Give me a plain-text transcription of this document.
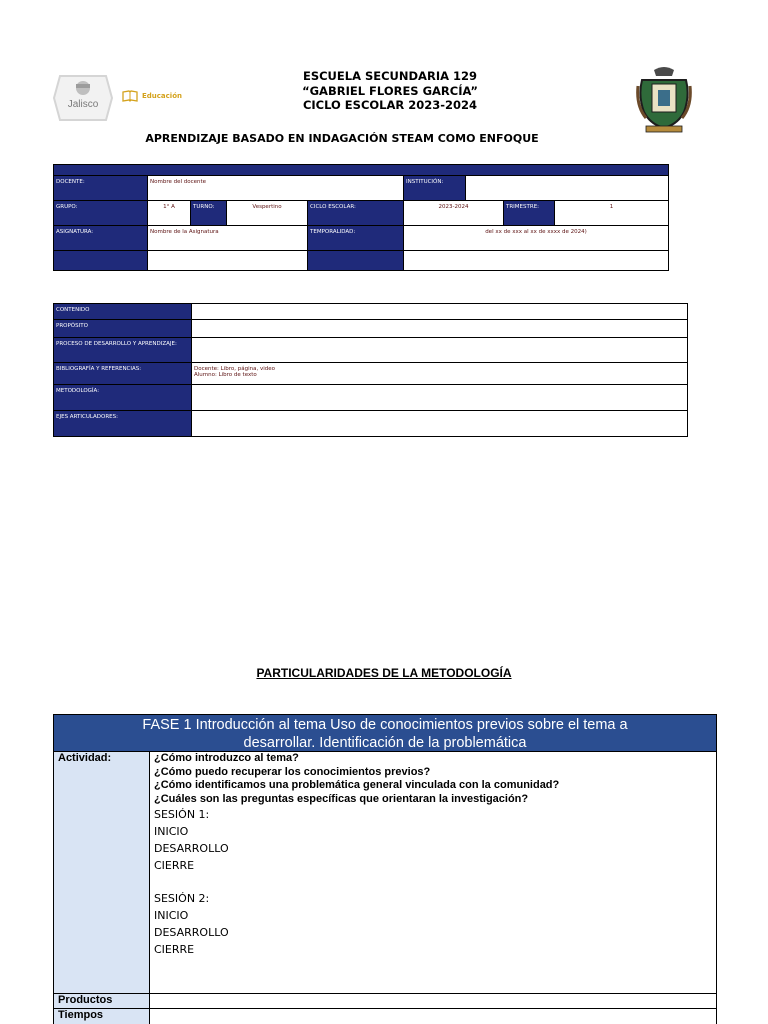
Jalisco
Educación
ESCUELA SECUNDARIA 129
“GABRIEL FLORES GARCÍA”
CICLO ESCOLAR 2023-2024
APRENDIZAJE BASADO EN INDAGACIÓN STEAM COMO ENFOQUE
DOCENTE:	Nombre del docente	INSTITUCIÓN:
GRUPO:	1° A	TURNO:	Vespertino	CICLO ESCOLAR:	2023-2024	TRIMESTRE:	1
ASIGNATURA:	Nombre de la Asignatura	TEMPORALIDAD:	del xx de xxx al xx de xxxx de 2024)
CONTENIDO
PROPÓSITO
PROCESO DE DESARROLLO Y APRENDIZAJE:
BIBLIOGRAFÍA Y REFERENCIAS:	Docente: Libro, página, video
Alumno: Libro de texto
METODOLOGÍA:
EJES ARTICULADORES:
PARTICULARIDADES DE LA METODOLOGÍA
FASE 1 Introducción al tema Uso de conocimientos previos sobre el tema a
desarrollar. Identificación de la problemática
Actividad:	¿Cómo introduzco al tema?
¿Cómo puedo recuperar los conocimientos previos?
¿Cómo identificamos una problemática general vinculada con la comunidad?
¿Cuáles son las preguntas específicas que orientaran la investigación?
SESIÓN 1:
INICIO
DESARROLLO
CIERRE
SESIÓN 2:
INICIO
DESARROLLO
CIERRE
Productos
Tiempos
